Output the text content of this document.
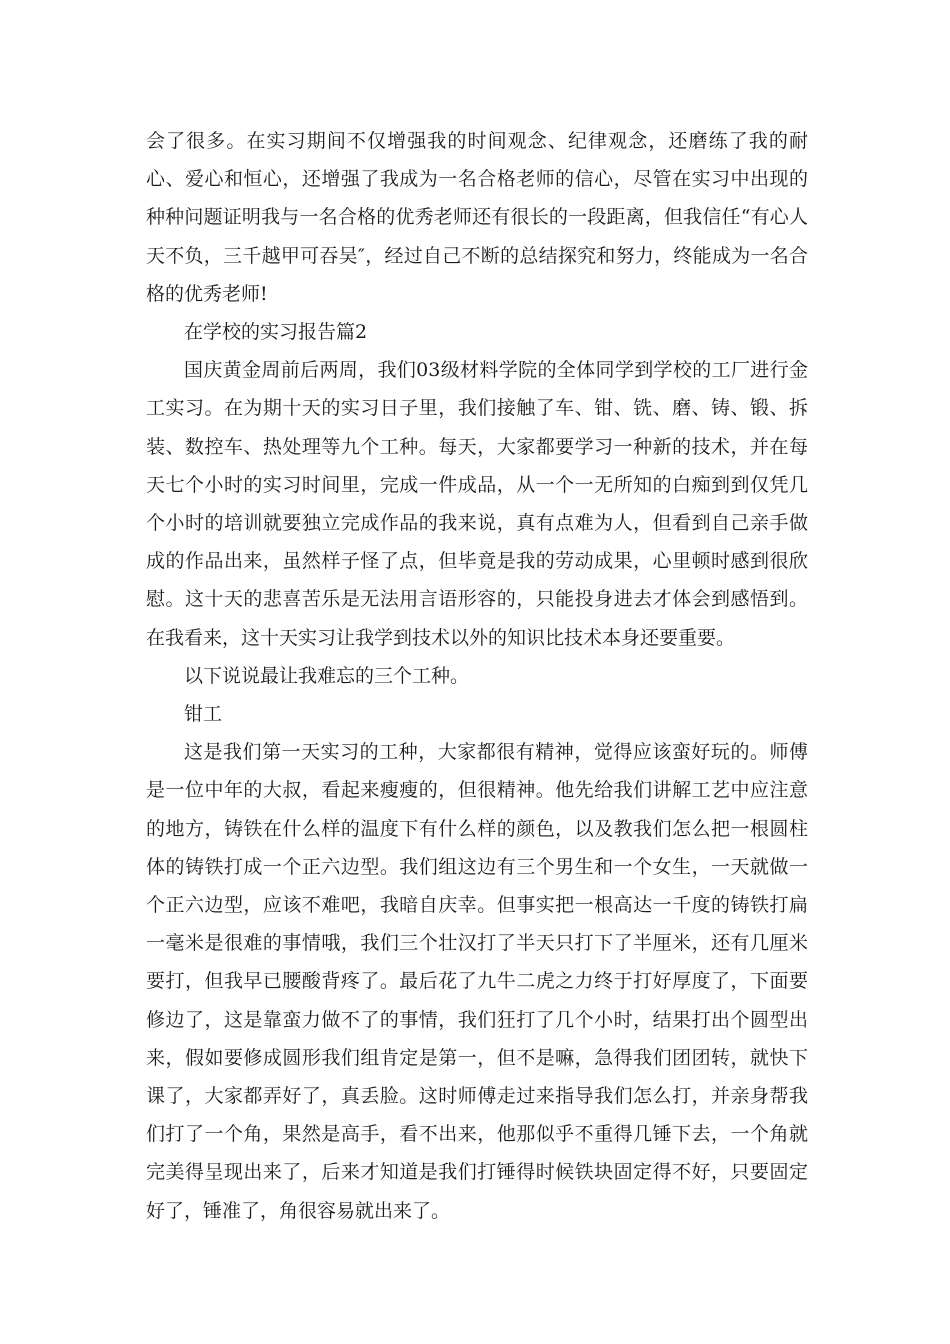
会了很多。在实习期间不仅增强我的时间观念、纪律观念，还磨练了我的耐心、爱心和恒心，还增强了我成为一名合格老师的信心，尽管在实习中出现的种种问题证明我与一名合格的优秀老师还有很长的一段距离，但我信任“有心人天不负，三千越甲可吞吴″，经过自己不断的总结探究和努力，终能成为一名合格的优秀老师!

在学校的实习报告篇2

国庆黄金周前后两周，我们03级材料学院的全体同学到学校的工厂进行金工实习。在为期十天的实习日子里，我们接触了车、钳、铣、磨、铸、锻、拆装、数控车、热处理等九个工种。每天，大家都要学习一种新的技术，并在每天七个小时的实习时间里，完成一件成品，从一个一无所知的白痴到到仅凭几个小时的培训就要独立完成作品的我来说，真有点难为人，但看到自己亲手做成的作品出来，虽然样子怪了点，但毕竟是我的劳动成果，心里顿时感到很欣慰。这十天的悲喜苦乐是无法用言语形容的，只能投身进去才体会到感悟到。在我看来，这十天实习让我学到技术以外的知识比技术本身还要重要。

以下说说最让我难忘的三个工种。

钳工

这是我们第一天实习的工种，大家都很有精神，觉得应该蛮好玩的。师傅是一位中年的大叔，看起来瘦瘦的，但很精神。他先给我们讲解工艺中应注意的地方，铸铁在什么样的温度下有什么样的颜色，以及教我们怎么把一根圆柱体的铸铁打成一个正六边型。我们组这边有三个男生和一个女生，一天就做一个正六边型，应该不难吧，我暗自庆幸。但事实把一根高达一千度的铸铁打扁一毫米是很难的事情哦，我们三个壮汉打了半天只打下了半厘米，还有几厘米要打，但我早已腰酸背疼了。最后花了九牛二虎之力终于打好厚度了，下面要修边了，这是靠蛮力做不了的事情，我们狂打了几个小时，结果打出个圆型出来，假如要修成圆形我们组肯定是第一，但不是嘛，急得我们团团转，就快下课了，大家都弄好了，真丢脸。这时师傅走过来指导我们怎么打，并亲身帮我们打了一个角，果然是高手，看不出来，他那似乎不重得几锤下去，一个角就完美得呈现出来了，后来才知道是我们打锤得时候铁块固定得不好，只要固定好了，锤准了，角很容易就出来了。
